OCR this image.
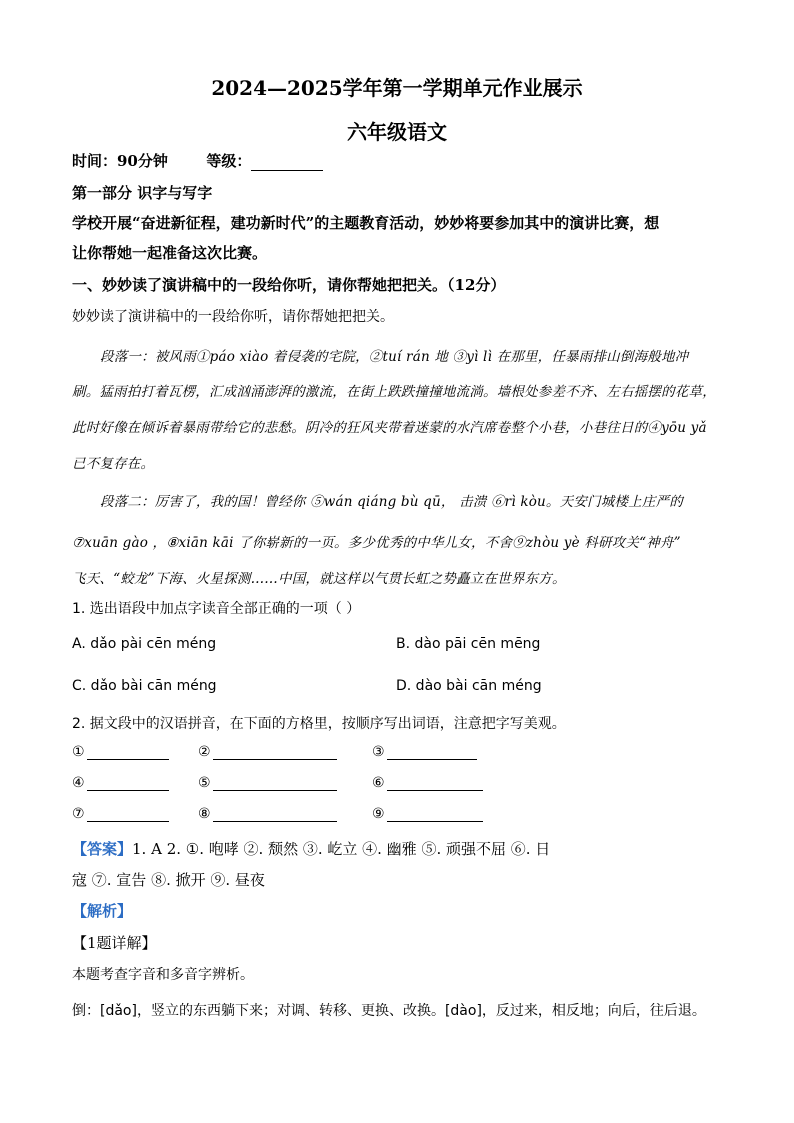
2024—2025学年第一学期单元作业展示
六年级语文
时间：90分钟	等级：
第一部分 识字与写字
学校开展“奋进新征程，建功新时代”的主题教育活动，妙妙将要参加其中的演讲比赛，想
让你帮她一起准备这次比赛。
一、妙妙读了演讲稿中的一段给你听，请你帮她把把关。（12分）
妙妙读了演讲稿中的一段给你听，请你帮她把把关。
段落一：被风雨①páo xiào 着侵袭的宅院，②tuí rán 地 ③yì lì 在那里，任暴雨排山倒海般地冲
刷。猛雨拍打着瓦楞，汇成汹涌澎湃的激流，在街上跌跌撞撞地流淌。墙根处参差不齐、左右摇摆的花草，
此时好像在倾诉着暴雨带给它的悲愁。阴冷的狂风夹带着迷蒙的水汽席卷整个小巷，小巷往日的④yōu yǎ
已不复存在。
段落二：厉害了，我的国！曾经你 ⑤wán qiáng bù qū， 击溃 ⑥rì kòu。天安门城楼上庄严的
⑦xuān gào ，⑧xiān kāi 了你崭新的一页。多少优秀的中华儿女，不舍⑨zhòu yè 科研攻关“神舟”
飞天、“蛟龙”下海、火星探测……中国，就这样以气贯长虹之势矗立在世界东方。
1. 选出语段中加点字读音全部正确的一项（ ）
A. dǎo pài cēn méng	B. dào pāi cēn mēng
C. dǎo bài cān méng	D. dào bài cān méng
2. 据文段中的汉语拼音，在下面的方格里，按顺序写出词语，注意把字写美观。
①	②	③
④	⑤	⑥
⑦	⑧	⑨
【答案】1. A 2. ①. 咆哮 ②. 颓然 ③. 屹立 ④. 幽雅 ⑤. 顽强不屈 ⑥. 日
寇 ⑦. 宣告 ⑧. 掀开 ⑨. 昼夜
【解析】
【1题详解】
本题考查字音和多音字辨析。
倒：[dǎo]，竖立的东西躺下来；对调、转移、更换、改换。[dào]，反过来，相反地；向后，往后退。
